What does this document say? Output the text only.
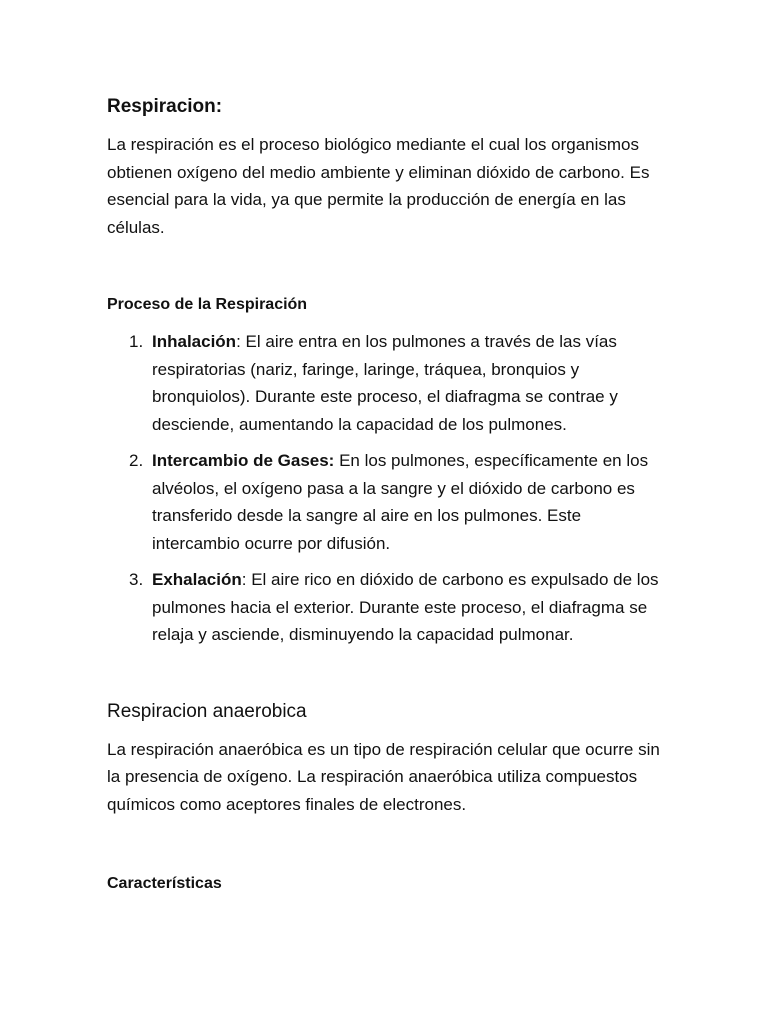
Respiracion:

La respiración es el proceso biológico mediante el cual los organismos obtienen oxígeno del medio ambiente y eliminan dióxido de carbono. Es esencial para la vida, ya que permite la producción de energía en las células.

Proceso de la Respiración
1. Inhalación: El aire entra en los pulmones a través de las vías respiratorias (nariz, faringe, laringe, tráquea, bronquios y bronquiolos). Durante este proceso, el diafragma se contrae y desciende, aumentando la capacidad de los pulmones.
2. Intercambio de Gases: En los pulmones, específicamente en los alvéolos, el oxígeno pasa a la sangre y el dióxido de carbono es transferido desde la sangre al aire en los pulmones. Este intercambio ocurre por difusión.
3. Exhalación: El aire rico en dióxido de carbono es expulsado de los pulmones hacia el exterior. Durante este proceso, el diafragma se relaja y asciende, disminuyendo la capacidad pulmonar.
Respiracion anaerobica

La respiración anaeróbica es un tipo de respiración celular que ocurre sin la presencia de oxígeno. La respiración anaeróbica utiliza compuestos químicos como aceptores finales de electrones.

Características
